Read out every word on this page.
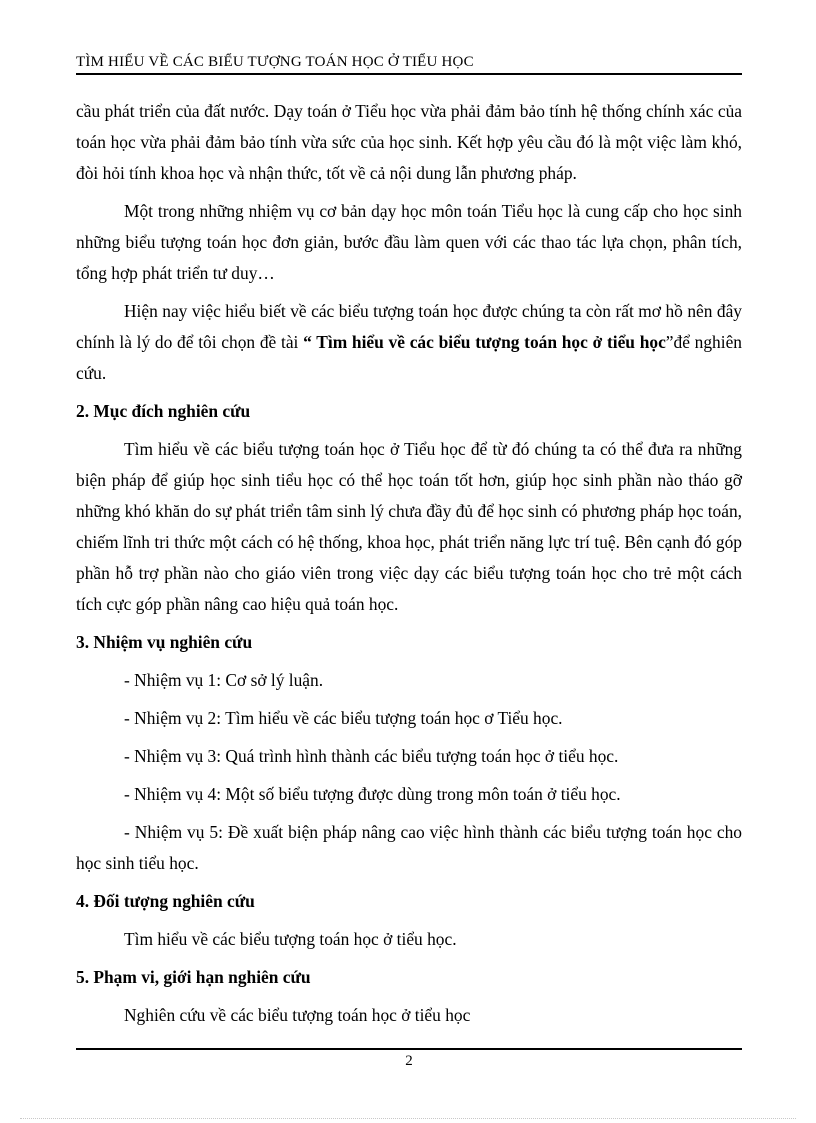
TÌM HIỂU VỀ CÁC BIỂU TƯỢNG TOÁN HỌC Ở TIỂU HỌC

cầu phát triển của đất nước. Dạy toán ở Tiểu học vừa phải đảm bảo tính hệ thống chính xác của toán học vừa phải đảm bảo tính vừa sức của học sinh. Kết hợp yêu cầu đó là một việc làm khó, đòi hỏi tính khoa học và nhận thức, tốt về cả nội dung lẫn phương pháp.

Một trong những nhiệm vụ cơ bản dạy học môn toán Tiểu học là cung cấp cho học sinh những biểu tượng toán học đơn giản, bước đầu làm quen với các thao tác lựa chọn, phân tích, tổng hợp phát triển tư duy…

Hiện nay việc hiểu biết về các biểu tượng toán học được chúng ta còn rất mơ hồ nên đây chính là lý do để tôi chọn đề tài “ Tìm hiểu về các biểu tượng toán học ở tiểu học”để nghiên cứu.

2. Mục đích nghiên cứu

Tìm hiểu về các biểu tượng toán học ở Tiểu học để từ đó chúng ta có thể đưa ra những biện pháp để giúp học sinh tiểu học có thể học toán tốt hơn, giúp học sinh phần nào tháo gỡ những khó khăn do sự phát triển tâm sinh lý chưa đầy đủ để học sinh có phương pháp học toán, chiếm lĩnh tri thức một cách có hệ thống, khoa học, phát triển năng lực trí tuệ. Bên cạnh đó góp phần hỗ trợ phần nào cho giáo viên trong việc dạy các biểu tượng toán học cho trẻ một cách tích cực góp phần nâng cao hiệu quả toán học.

3. Nhiệm vụ nghiên cứu

- Nhiệm vụ 1: Cơ sở lý luận.

- Nhiệm vụ 2: Tìm hiểu về các biểu tượng toán học ơ Tiểu học.

- Nhiệm vụ 3: Quá trình hình thành các biểu tượng toán học ở tiểu học.

- Nhiệm vụ 4: Một số biểu tượng được dùng trong môn toán ở tiểu học.

- Nhiệm vụ 5: Đề xuất biện pháp nâng cao việc hình thành các biểu tượng toán học cho học sinh tiểu học.

4. Đối tượng nghiên cứu

Tìm hiểu về các biểu tượng toán học ở tiểu học.

5. Phạm vi, giới hạn nghiên cứu

Nghiên cứu về các biểu tượng toán học ở tiểu học

2
